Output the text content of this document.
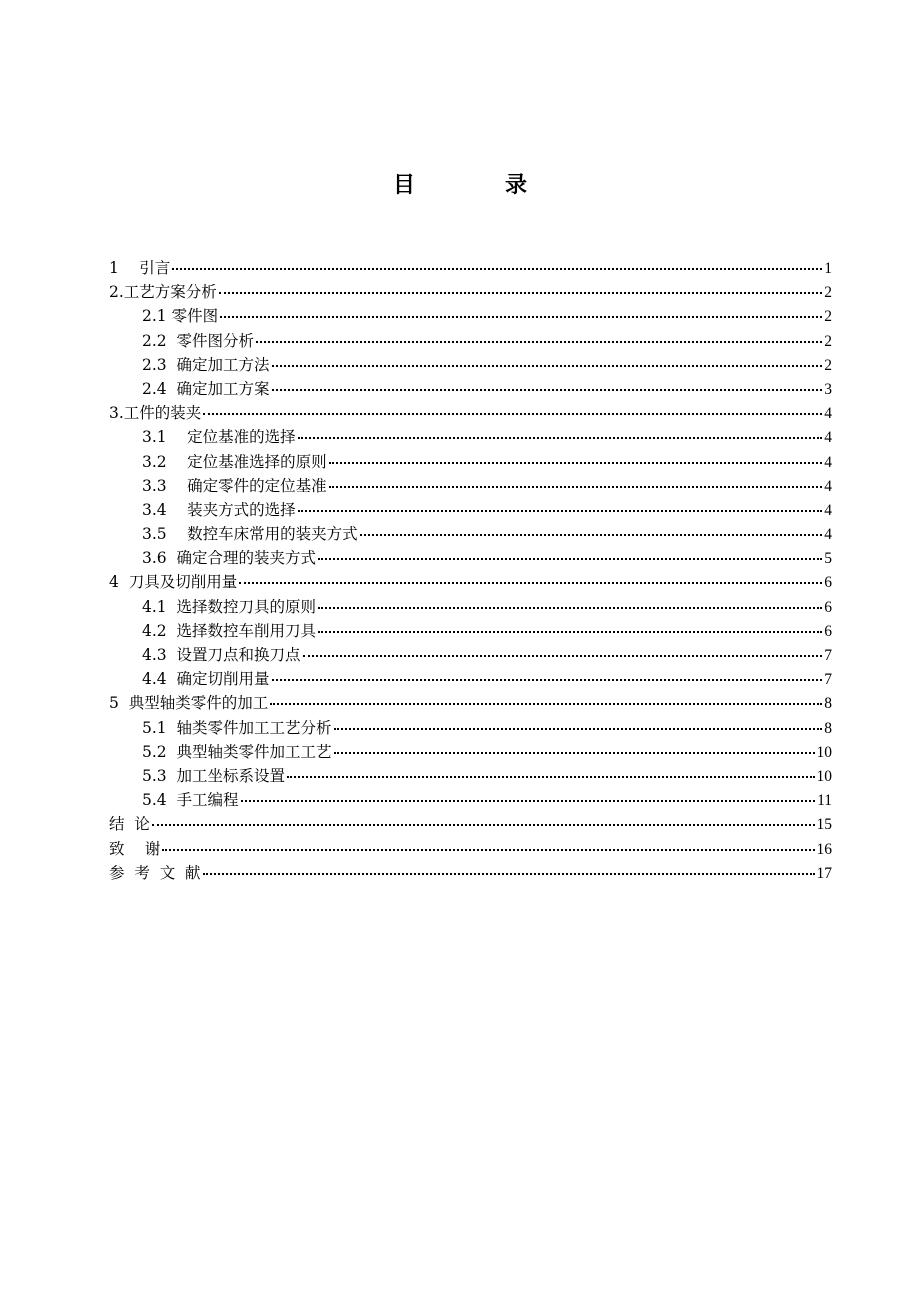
目　录
1　 引言	1
2.工艺方案分析	2
2.1 零件图	2
2.2  零件图分析	2
2.3  确定加工方法	2
2.4  确定加工方案	3
3.工件的装夹	4
3.1　 定位基准的选择	4
3.2　 定位基准选择的原则	4
3.3　 确定零件的定位基准	4
3.4　 装夹方式的选择	4
3.5　 数控车床常用的装夹方式	4
3.6  确定合理的装夹方式	5
4  刀具及切削用量	6
4.1  选择数控刀具的原则	6
4.2  选择数控车削用刀具	6
4.3  设置刀点和换刀点	7
4.4  确定切削用量	7
5  典型轴类零件的加工	8
5.1  轴类零件加工工艺分析	8
5.2  典型轴类零件加工工艺	10
5.3  加工坐标系设置	10
5.4  手工编程	11
结  论	15
致　 谢	16
参  考  文  献	17
